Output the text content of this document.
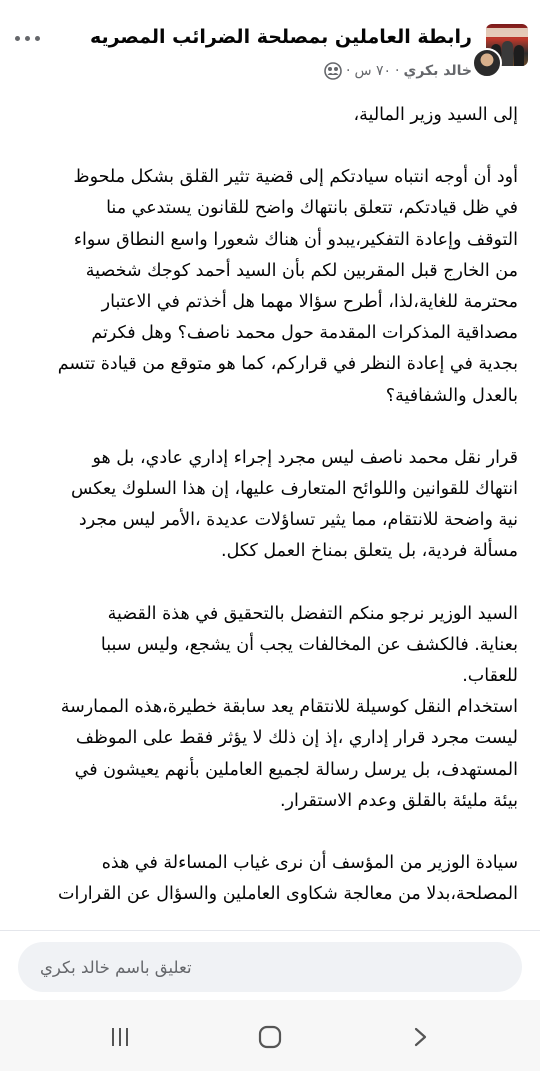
رابطة العاملين بمصلحة الضرائب المصريه
خالد بكري
·
٧٠ س
·

إلى السيد وزير المالية،

أود أن أوجه انتباه سيادتكم إلى قضية تثير القلق بشكل ملحوظ

في ظل قيادتكم، تتعلق بانتهاك واضح للقانون يستدعي منا

التوقف وإعادة التفكير،يبدو أن هناك شعورا واسع النطاق سواء

من الخارج قبل المقربين لكم بأن السيد أحمد كوجك شخصية

محترمة للغاية،لذا، أطرح سؤالا مهما هل أخذتم في الاعتبار

مصداقية المذكرات المقدمة حول محمد ناصف؟ وهل فكرتم

بجدية في إعادة النظر في قراركم، كما هو متوقع من قيادة تتسم

بالعدل والشفافية؟

قرار نقل محمد ناصف ليس مجرد إجراء إداري عادي، بل هو

انتهاك للقوانين واللوائح المتعارف عليها، إن هذا السلوك يعكس

نية واضحة للانتقام، مما يثير تساؤلات عديدة ،الأمر ليس مجرد

مسألة فردية، بل يتعلق بمناخ العمل ككل.

السيد الوزير نرجو منكم التفضل بالتحقيق في هذة القضية

بعناية. فالكشف عن المخالفات يجب أن يشجع، وليس سببا

للعقاب.

استخدام النقل كوسيلة للانتقام يعد سابقة خطيرة،هذه الممارسة

ليست مجرد قرار إداري ،إذ إن ذلك لا يؤثر فقط على الموظف

المستهدف، بل يرسل رسالة لجميع العاملين بأنهم يعيشون في

بيئة مليئة بالقلق وعدم الاستقرار.

سيادة الوزير من المؤسف أن نرى غياب المساءلة في هذه

المصلحة،بدلا من معالجة شكاوى العاملين والسؤال عن القرارات

تعليق باسم خالد بكري
